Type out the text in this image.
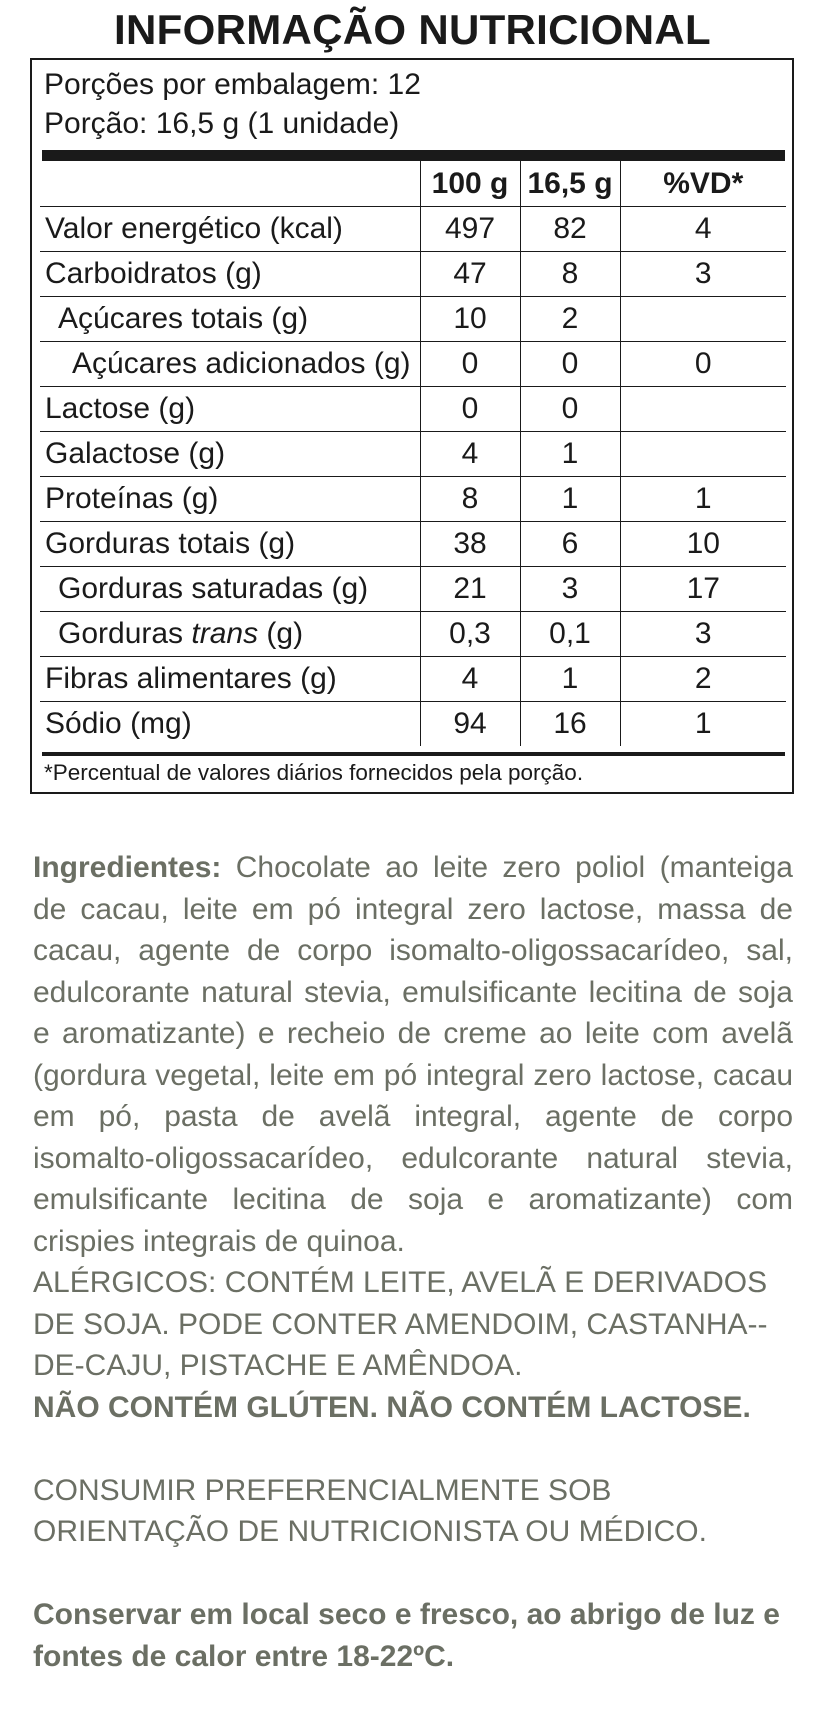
INFORMAÇÃO NUTRICIONAL
Porções por embalagem: 12
Porção: 16,5 g (1 unidade)
	100 g	16,5 g	%VD*
Valor energético (kcal)	497	82	4
Carboidratos (g)	47	8	3
Açúcares totais (g)	10	2	
Açúcares adicionados (g)	0	0	0
Lactose (g)	0	0	
Galactose (g)	4	1	
Proteínas (g)	8	1	1
Gorduras totais (g)	38	6	10
Gorduras saturadas (g)	21	3	17
Gorduras trans (g)	0,3	0,1	3
Fibras alimentares (g)	4	1	2
Sódio (mg)	94	16	1
*Percentual de valores diários fornecidos pela porção.

Ingredientes: Chocolate ao leite zero poliol (manteiga de cacau, leite em pó integral zero lactose, massa de cacau, agente de corpo isomalto-oligossacarídeo, sal, edulcorante natural stevia, emulsificante lecitina de soja e aromatizante) e recheio de creme ao leite com avelã (gordura vegetal, leite em pó integral zero lactose, cacau em pó, pasta de avelã integral, agente de corpo isomalto-oligossacarídeo, edulcorante natural stevia, emulsificante lecitina de soja e aromatizante) com crispies integrais de quinoa.

ALÉRGICOS: CONTÉM LEITE, AVELÃ E DERIVADOS DE SOJA. PODE CONTER AMENDOIM, CASTANHA--DE-CAJU, PISTACHE E AMÊNDOA.

NÃO CONTÉM GLÚTEN. NÃO CONTÉM LACTOSE.

CONSUMIR PREFERENCIALMENTE SOB ORIENTAÇÃO DE NUTRICIONISTA OU MÉDICO.

Conservar em local seco e fresco, ao abrigo de luz e fontes de calor entre 18-22ºC.
